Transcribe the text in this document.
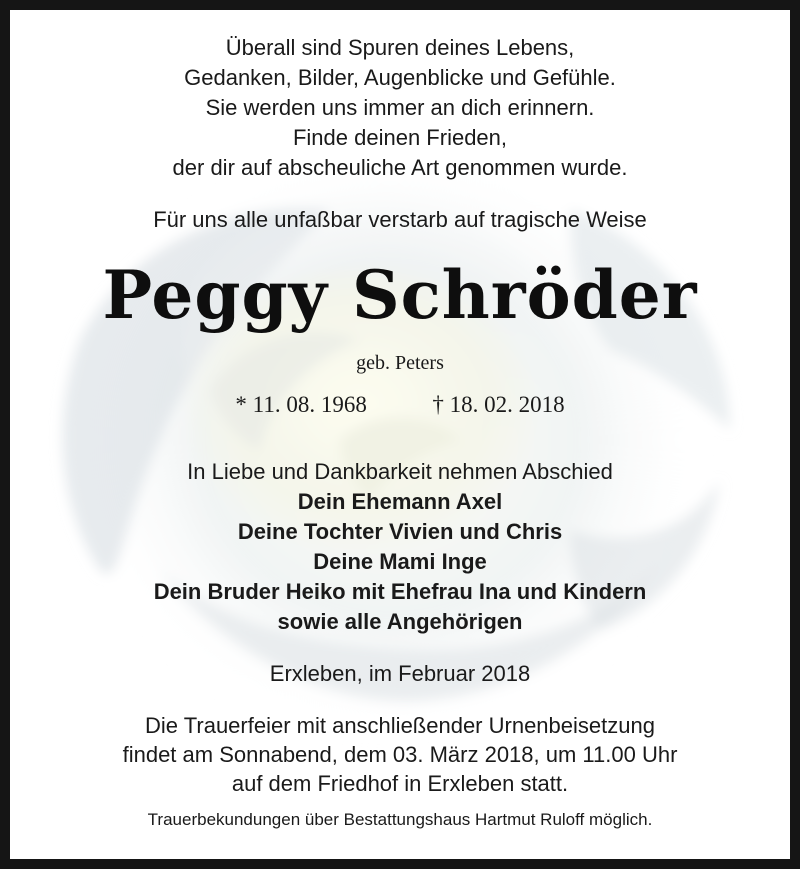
Überall sind Spuren deines Lebens,
Gedanken, Bilder, Augenblicke und Gefühle.
Sie werden uns immer an dich erinnern.
Finde deinen Frieden,
der dir auf abscheuliche Art genommen wurde.
Für uns alle unfaßbar verstarb auf tragische Weise
Peggy Schröder
geb. Peters
* 11. 08. 1968	† 18. 02. 2018
In Liebe und Dankbarkeit nehmen Abschied
Dein Ehemann Axel
Deine Tochter Vivien und Chris
Deine Mami Inge
Dein Bruder Heiko mit Ehefrau Ina und Kindern
sowie alle Angehörigen
Erxleben, im Februar 2018
Die Trauerfeier mit anschließender Urnenbeisetzung
findet am Sonnabend, dem 03. März 2018, um 11.00 Uhr
auf dem Friedhof in Erxleben statt.
Trauerbekundungen über Bestattungshaus Hartmut Ruloff möglich.
